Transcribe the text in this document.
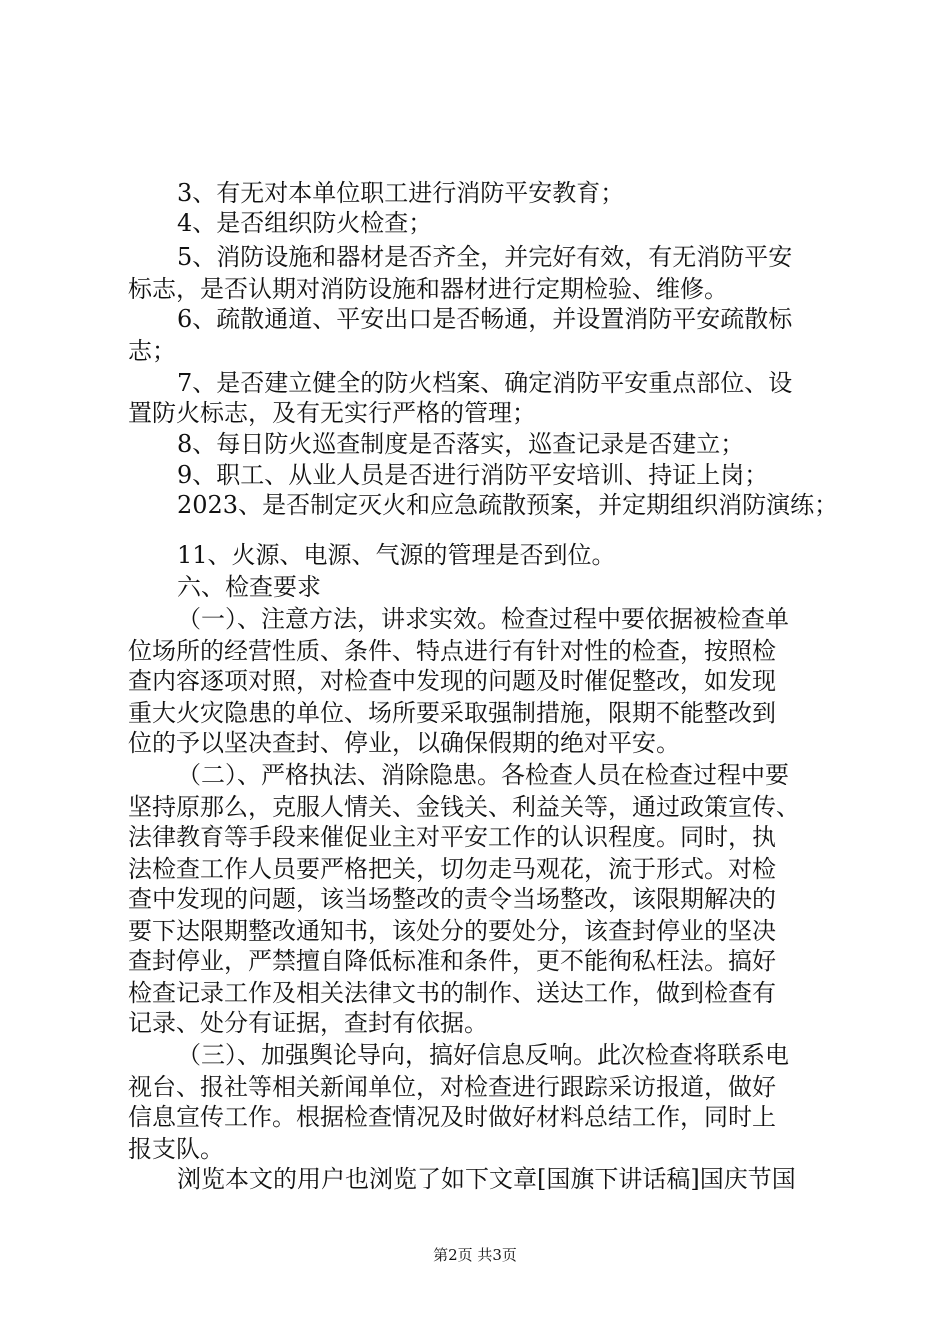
3、有无对本单位职工进行消防平安教育；

4、是否组织防火检查；

5、消防设施和器材是否齐全，并完好有效，有无消防平安

标志，是否认期对消防设施和器材进行定期检验、维修。

6、疏散通道、平安出口是否畅通，并设置消防平安疏散标

志；

7、是否建立健全的防火档案、确定消防平安重点部位、设

置防火标志，及有无实行严格的管理；

8、每日防火巡查制度是否落实，巡查记录是否建立；

9、职工、从业人员是否进行消防平安培训、持证上岗；

2023、是否制定灭火和应急疏散预案，并定期组织消防演练；

11、火源、电源、气源的管理是否到位。

六、检查要求

（一）、注意方法，讲求实效。检查过程中要依据被检查单

位场所的经营性质、条件、特点进行有针对性的检查，按照检

查内容逐项对照，对检查中发现的问题及时催促整改，如发现

重大火灾隐患的单位、场所要采取强制措施，限期不能整改到

位的予以坚决查封、停业，以确保假期的绝对平安。

（二）、严格执法、消除隐患。各检查人员在检查过程中要

坚持原那么，克服人情关、金钱关、利益关等，通过政策宣传、

法律教育等手段来催促业主对平安工作的认识程度。同时，执

法检查工作人员要严格把关，切勿走马观花，流于形式。对检

查中发现的问题，该当场整改的责令当场整改，该限期解决的

要下达限期整改通知书，该处分的要处分，该查封停业的坚决

查封停业，严禁擅自降低标准和条件，更不能徇私枉法。搞好

检查记录工作及相关法律文书的制作、送达工作，做到检查有

记录、处分有证据，查封有依据。

（三）、加强舆论导向，搞好信息反响。此次检查将联系电

视台、报社等相关新闻单位，对检查进行跟踪采访报道，做好

信息宣传工作。根据检查情况及时做好材料总结工作，同时上

报支队。

浏览本文的用户也浏览了如下文章[国旗下讲话稿]国庆节国

第2页 共3页
